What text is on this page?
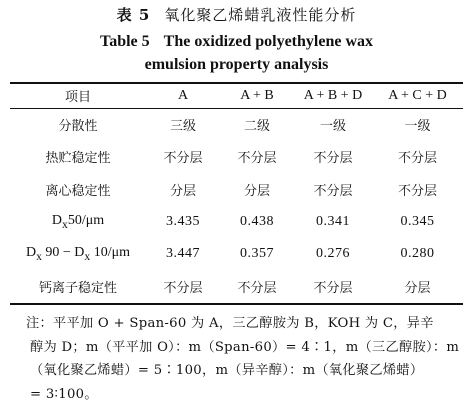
表 5 氧化聚乙烯蜡乳液性能分析
Table 5 The oxidized polyethylene wax
emulsion property analysis
项目	A	A + B	A + B + D	A + C + D
分散性	三级	二级	一级	一级
热贮稳定性	不分层	不分层	不分层	不分层
离心稳定性	分层	分层	不分层	不分层
$D_x50/\mu m$	3.435	0.438	0.341	0.345
$D_x$ $90 - D_x$ 10/μm	3.447	0.357	0.276	0.280
钙离子稳定性	不分层	不分层	不分层	分层

注：平平加 O + Span-60 为 A，三乙醇胺为 B，KOH 为 C，异辛

醇为 D；m（平平加 O）：m（Span-60）= 4∶1，m（三乙醇胺）：m

（氧化聚乙烯蜡）= 5∶100，m（异辛醇）：m（氧化聚乙烯蜡）

= 3∶100。
